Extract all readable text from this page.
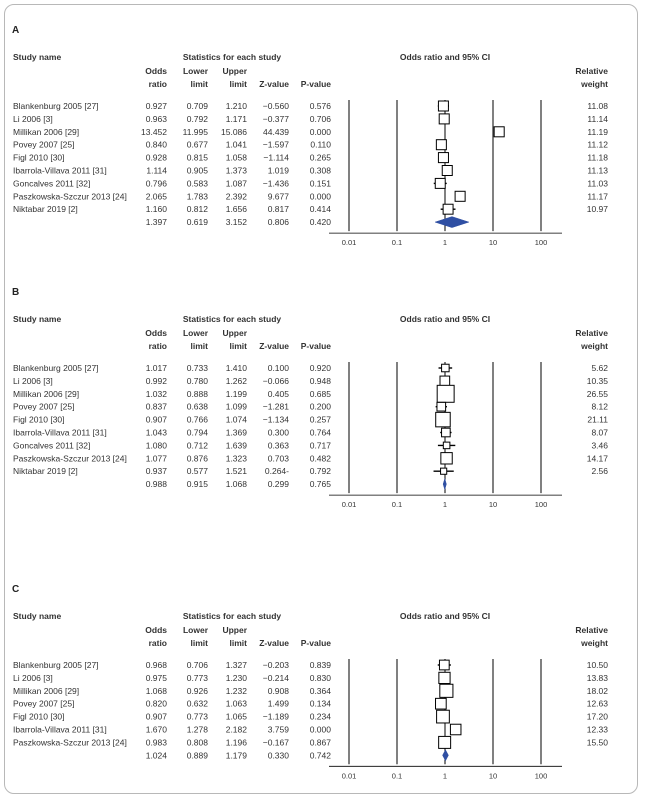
A
Study name	Statistics for each study	Odds ratio and 95% CI
Odds
ratio
Lower
limit
Upper
limit Z-value P-value
Relative
weight
0.01	0.1	1	10	100
Blankenburg 2005 [27]	0.927 0.709 1.210 −0.560 0.576	11.08
Li 2006 [3]	0.963 0.792 1.171 −0.377 0.706	11.14
Millikan 2006 [29]	13.452 11.995 15.086 44.439 0.000	11.19
Povey 2007 [25]	0.840 0.677 1.041 −1.597	0.110	11.12
Figl 2010 [30]	0.928 0.815 1.058 −1.114 0.265	11.18
Ibarrola-Villava 2011 [31]	1.114 0.905 1.373 1.019 0.308	11.13
Goncalves 2011 [32]	0.796 0.583 1.087 −1.436 0.151	11.03
Paszkowska-Szczur 2013 [24] 2.065 1.783 2.392 9.677 0.000	11.17
Niktabar 2019 [2]	1.160 0.812 1.656 0.817 0.414	10.97
1.397 0.619 3.152 0.806 0.420
B
Study name	Statistics for each study	Odds ratio and 95% CI
Odds
ratio
Lower
limit
Upper
limit Z-value P-value
Relative
weight
0.01	0.1	1	10	100
Blankenburg 2005 [27]	1.017 0.733 1.410 0.100 0.920	5.62
Li 2006 [3]	0.992 0.780 1.262 −0.066 0.948	10.35
Millikan 2006 [29]	1.032 0.888 1.199 0.405 0.685	26.55
Povey 2007 [25]	0.837 0.638 1.099 −1.281 0.200	8.12
Figl 2010 [30]	0.907 0.766 1.074 −1.134 0.257	21.11
Ibarrola-Villava 2011 [31]	1.043 0.794 1.369 0.300 0.764	8.07
Goncalves 2011 [32]	1.080 0.712 1.639 0.363 0.717	3.46
Paszkowska-Szczur 2013 [24] 1.077 0.876 1.323 0.703 0.482	14.17
Niktabar 2019 [2]	0.937 0.577 1.521 0.264- 0.792	2.56
0.988 0.915 1.068 0.299 0.765
C
Study name	Statistics for each study	Odds ratio and 95% CI
Odds
ratio
Lower
limit
Upper
limit Z-value P-value
Relative
weight
0.01	0.1	1	10	100
Blankenburg 2005 [27]	0.968 0.706 1.327 −0.203 0.839	10.50
Li 2006 [3]	0.975 0.773 1.230 −0.214 0.830	13.83
Millikan 2006 [29]	1.068 0.926 1.232 0.908 0.364	18.02
Povey 2007 [25]	0.820 0.632 1.063 1.499 0.134	12.63
Figl 2010 [30]	0.907 0.773 1.065 −1.189 0.234	17.20
Ibarrola-Villava 2011 [31]	1.670 1.278 2.182 3.759 0.000	12.33
Paszkowska-Szczur 2013 [24] 0.983 0.808 1.196 −0.167 0.867	15.50
1.024 0.889 1.179 0.330 0.742
